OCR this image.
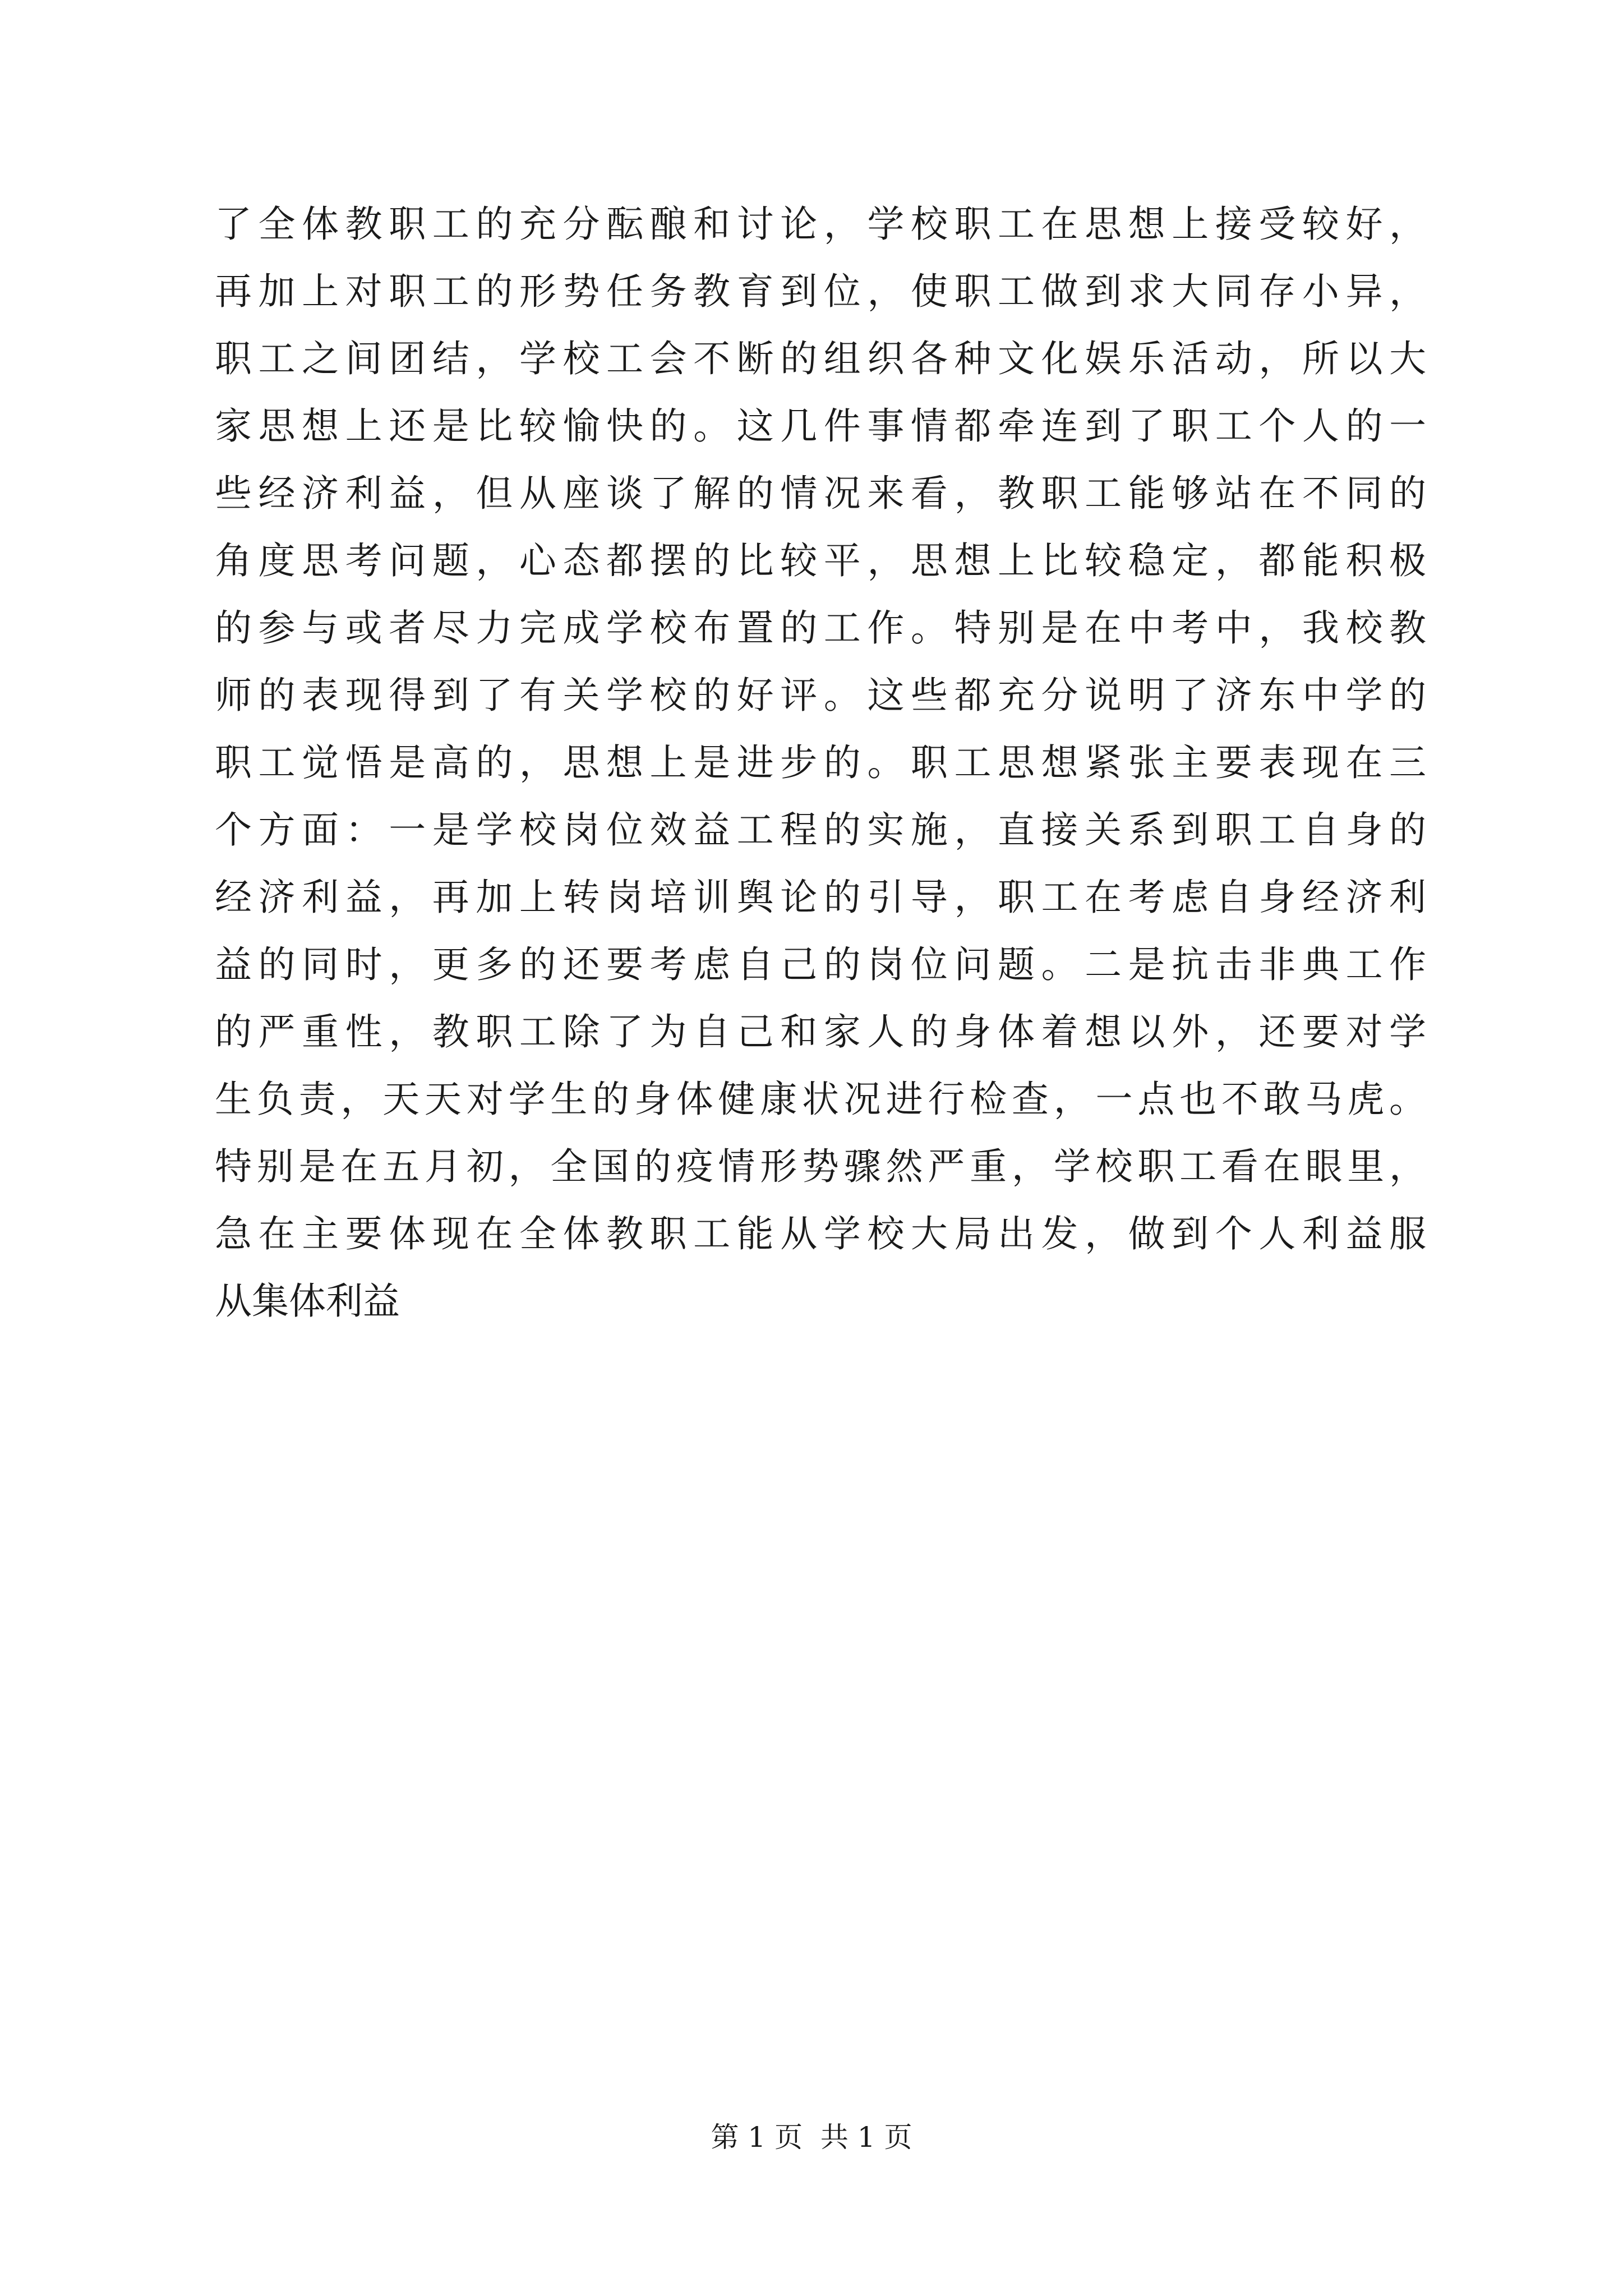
了全体教职工的充分酝酿和讨论，学校职工在思想上接受较好，
再加上对职工的形势任务教育到位，使职工做到求大同存小异，
职工之间团结，学校工会不断的组织各种文化娱乐活动，所以大
家思想上还是比较愉快的。这几件事情都牵连到了职工个人的一
些经济利益，但从座谈了解的情况来看，教职工能够站在不同的
角度思考问题，心态都摆的比较平，思想上比较稳定，都能积极
的参与或者尽力完成学校布置的工作。特别是在中考中，我校教
师的表现得到了有关学校的好评。这些都充分说明了济东中学的
职工觉悟是高的，思想上是进步的。职工思想紧张主要表现在三
个方面：一是学校岗位效益工程的实施，直接关系到职工自身的
经济利益，再加上转岗培训舆论的引导，职工在考虑自身经济利
益的同时，更多的还要考虑自己的岗位问题。二是抗击非典工作
的严重性，教职工除了为自己和家人的身体着想以外，还要对学
生负责，天天对学生的身体健康状况进行检查，一点也不敢马虎。
特别是在五月初，全国的疫情形势骤然严重，学校职工看在眼里，
急在主要体现在全体教职工能从学校大局出发，做到个人利益服
从集体利益
第 1 页  共 1 页
